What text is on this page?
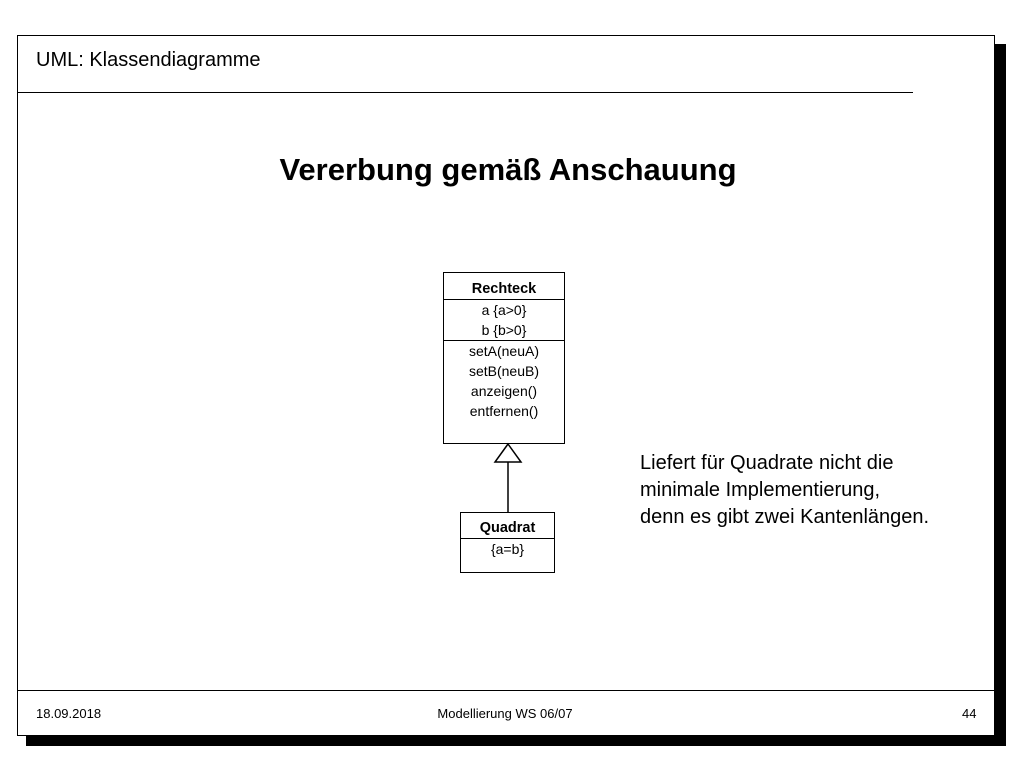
UML: Klassendiagramme
Vererbung gemäß Anschauung
Rechteck
a {a>0}
b {b>0}
setA(neuA)
setB(neuB)
anzeigen()
entfernen()
Quadrat
{a=b}
Liefert für Quadrate nicht die minimale Implementierung, denn es gibt zwei Kantenlängen.
18.09.2018	Modellierung WS 06/07	44
